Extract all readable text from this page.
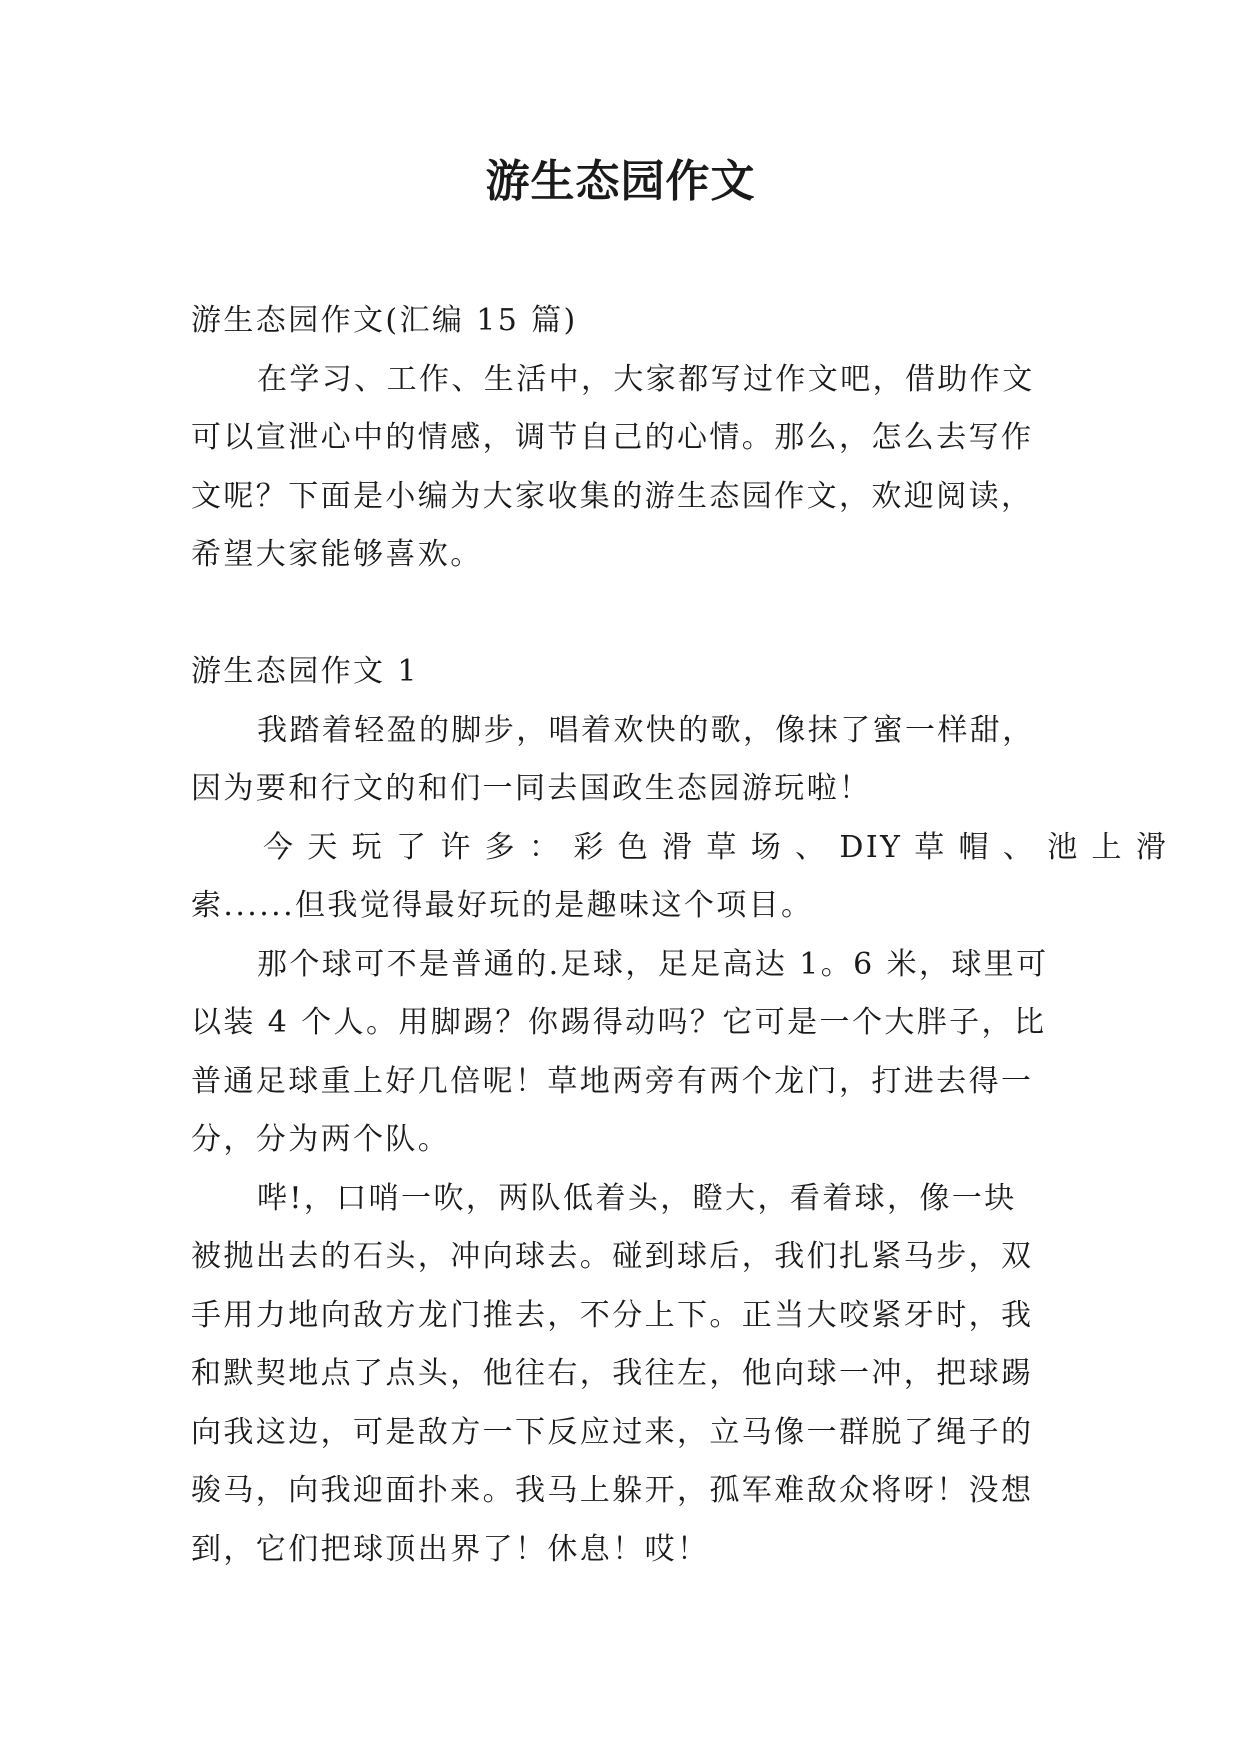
游生态园作文
游生态园作文(汇编 15 篇)
在学习、工作、生活中，大家都写过作文吧，借助作文
可以宣泄心中的情感，调节自己的心情。那么，怎么去写作
文呢？下面是小编为大家收集的游生态园作文，欢迎阅读，
希望大家能够喜欢。
游生态园作文 1
我踏着轻盈的脚步，唱着欢快的歌，像抹了蜜一样甜，
因为要和行文的和们一同去国政生态园游玩啦！
今 天 玩 了 许 多 ： 彩 色 滑 草 场 、 DIY 草 帽 、 池 上 滑
索......但我觉得最好玩的是趣味这个项目。
那个球可不是普通的.足球，足足高达 1。6 米，球里可
以装 4 个人。用脚踢？你踢得动吗？它可是一个大胖子，比
普通足球重上好几倍呢！草地两旁有两个龙门，打进去得一
分，分为两个队。
哔!，口哨一吹，两队低着头，瞪大，看着球，像一块
被抛出去的石头，冲向球去。碰到球后，我们扎紧马步，双
手用力地向敌方龙门推去，不分上下。正当大咬紧牙时，我
和默契地点了点头，他往右，我往左，他向球一冲，把球踢
向我这边，可是敌方一下反应过来，立马像一群脱了绳子的
骏马，向我迎面扑来。我马上躲开，孤军难敌众将呀！没想
到，它们把球顶出界了！休息！哎！
